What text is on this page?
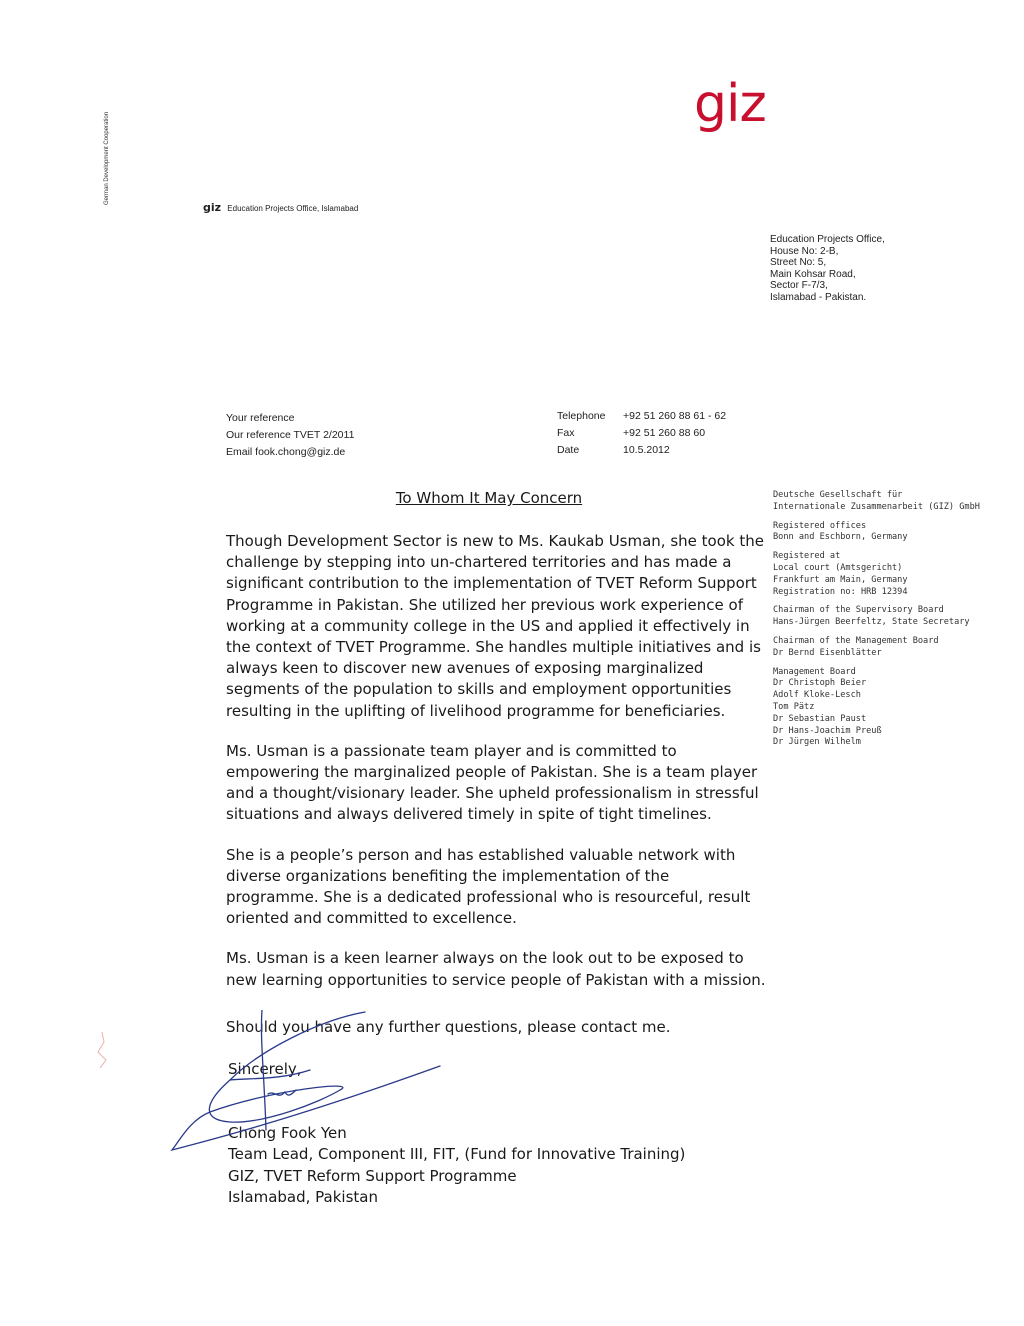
giz
German Development Cooperation
giz Education Projects Office, Islamabad
Education Projects Office,
House No: 2-B,
Street No: 5,
Main Kohsar Road,
Sector F-7/3,
Islamabad - Pakistan.
Your reference
Our reference TVET 2/2011
Email fook.chong@giz.de
Telephone	+92 51 260 88 61 - 62
Fax	+92 51 260 88 60
Date	10.5.2012
To Whom It May Concern

Though Development Sector is new to Ms. Kaukab Usman, she took the challenge by stepping into un-chartered territories and has made a significant contribution to the implementation of TVET Reform Support Programme in Pakistan. She utilized her previous work experience of working at a community college in the US and applied it effectively in the context of TVET Programme. She handles multiple initiatives and is always keen to discover new avenues of exposing marginalized segments of the population to skills and employment opportunities resulting in the uplifting of livelihood programme for beneficiaries.

Ms. Usman is a passionate team player and is committed to empowering the marginalized people of Pakistan. She is a team player and a thought/visionary leader. She upheld professionalism in stressful situations and always delivered timely in spite of tight timelines.

She is a people’s person and has established valuable network with diverse organizations benefiting the implementation of the programme. She is a dedicated professional who is resourceful, result oriented and committed to excellence.

Ms. Usman is a keen learner always on the look out to be exposed to new learning opportunities to service people of Pakistan with a mission.

Should you have any further questions, please contact me.
Sincerely,
Chong Fook Yen
Team Lead, Component III, FIT, (Fund for Innovative Training)
GIZ, TVET Reform Support Programme
Islamabad, Pakistan
Deutsche Gesellschaft für
Internationale Zusammenarbeit (GIZ) GmbH
Registered offices
Bonn and Eschborn, Germany
Registered at
Local court (Amtsgericht)
Frankfurt am Main, Germany
Registration no: HRB 12394
Chairman of the Supervisory Board
Hans-Jürgen Beerfeltz, State Secretary
Chairman of the Management Board
Dr Bernd Eisenblätter
Management Board
Dr Christoph Beier
Adolf Kloke-Lesch
Tom Pätz
Dr Sebastian Paust
Dr Hans-Joachim Preuß
Dr Jürgen Wilhelm
